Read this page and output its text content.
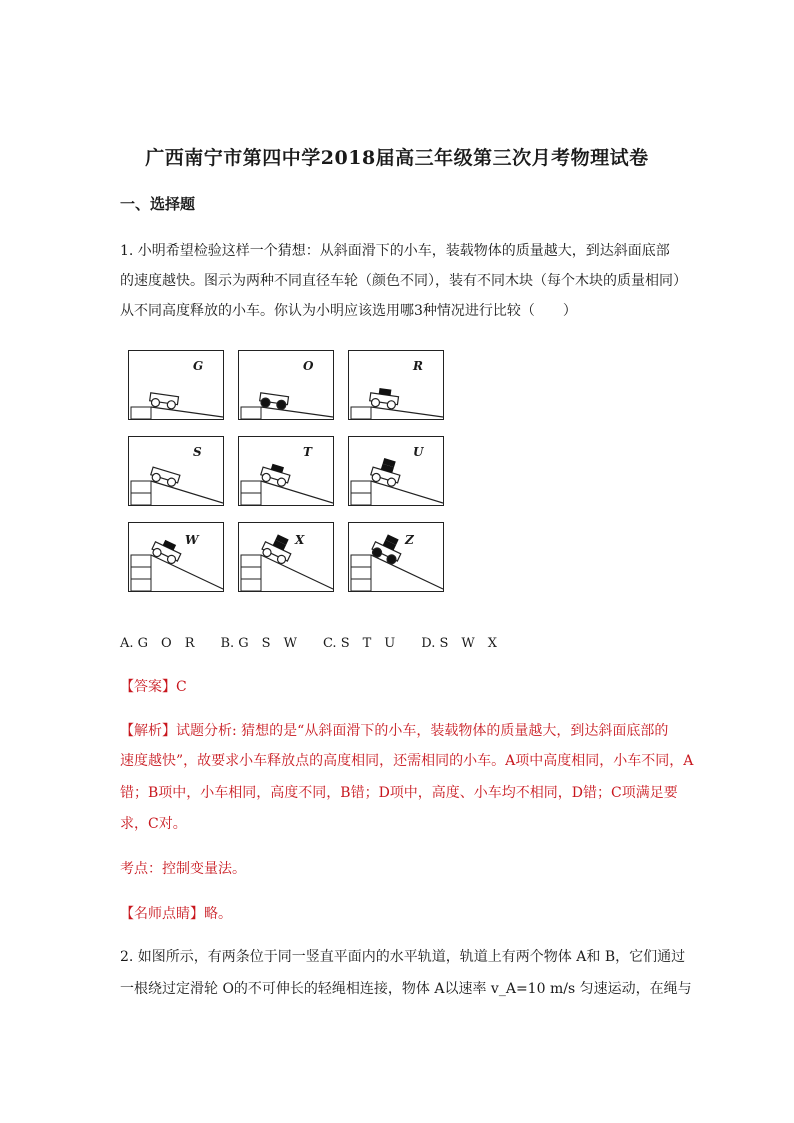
广西南宁市第四中学2018届高三年级第三次月考物理试卷
一、选择题
1. 小明希望检验这样一个猜想：从斜面滑下的小车，装载物体的质量越大，到达斜面底部
的速度越快。图示为两种不同直径车轮（颜色不同），装有不同木块（每个木块的质量相同）
从不同高度释放的小车。你认为小明应该选用哪3种情况进行比较（　　）
G	O	R
S	T	U
W	X	Z
A. G　O　R　　B. G　S　W　　C. S　T　U　　D. S　W　X
【答案】C
【解析】试题分析: 猜想的是“从斜面滑下的小车，装载物体的质量越大，到达斜面底部的
速度越快”，故要求小车释放点的高度相同，还需相同的小车。A项中高度相同，小车不同，A
错；B项中，小车相同，高度不同，B错；D项中，高度、小车均不相同，D错；C项满足要
求，C对。
考点：控制变量法。
【名师点睛】略。
2. 如图所示，有两条位于同一竖直平面内的水平轨道，轨道上有两个物体 A和 B，它们通过
一根绕过定滑轮 O的不可伸长的轻绳相连接，物体 A以速率 v_A=10 m/s 匀速运动，在绳与
